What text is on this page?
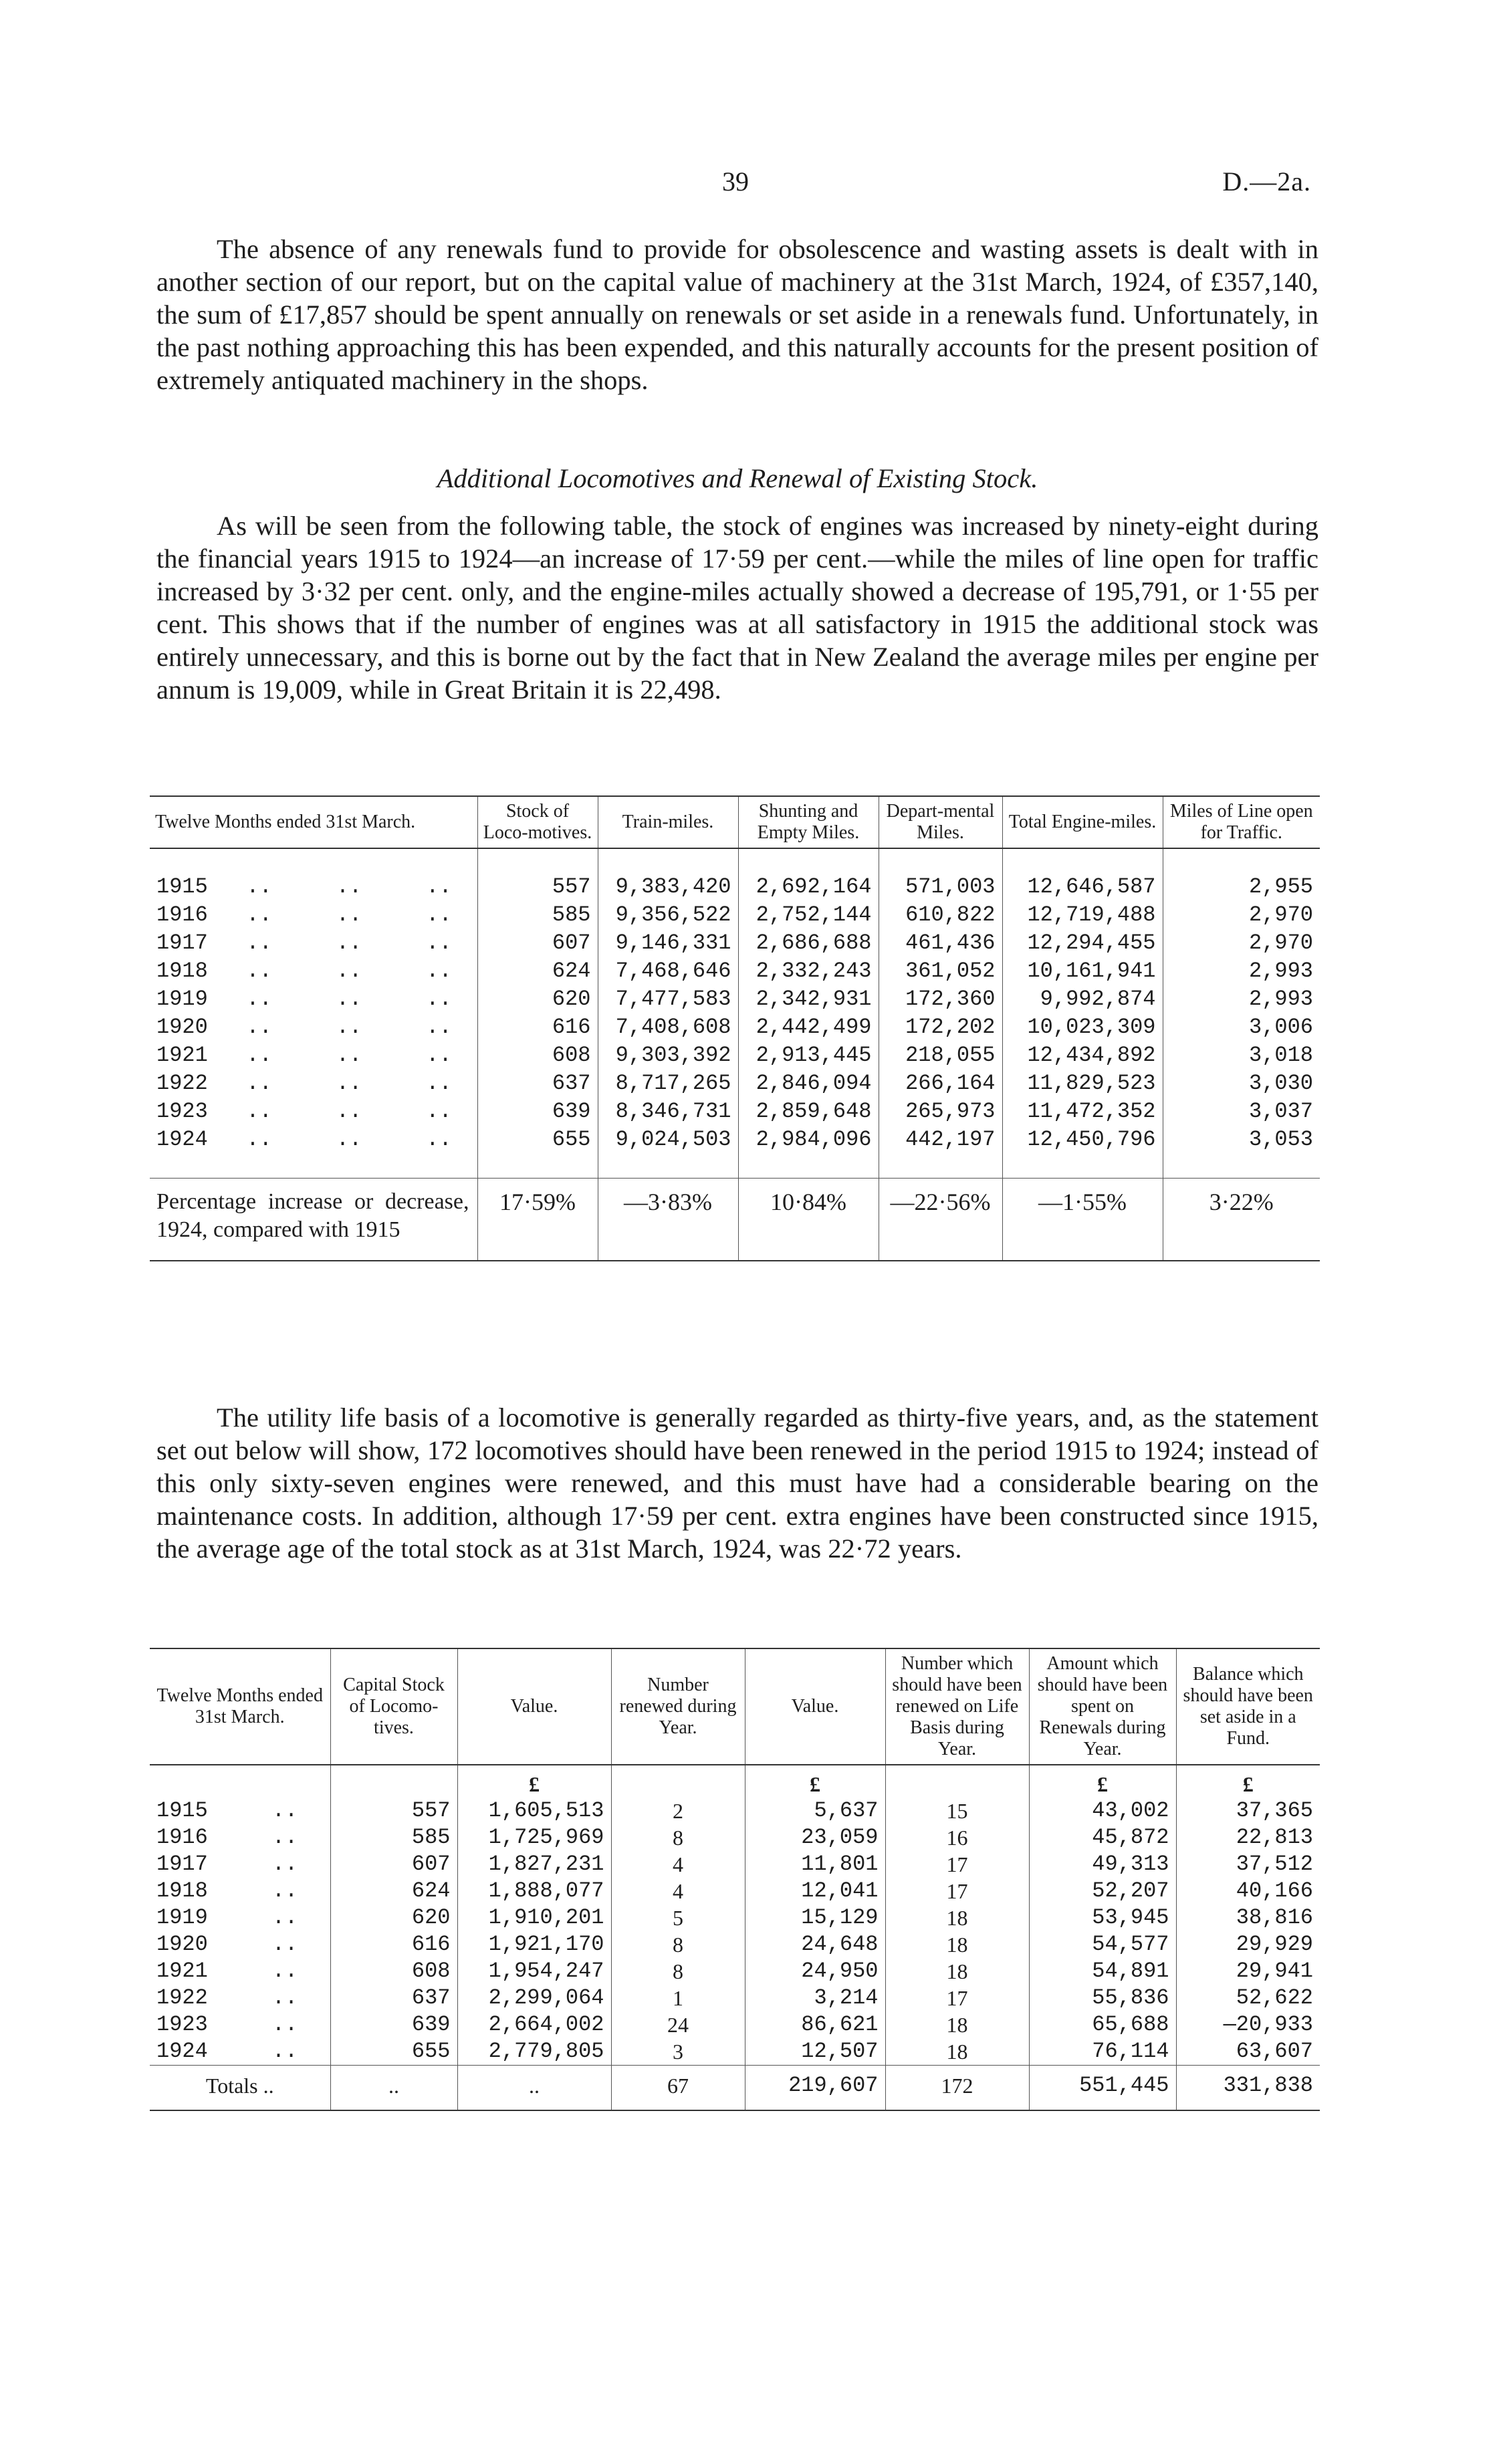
39	D.—2a.
The absence of any renewals fund to provide for obsolescence and wasting assets is dealt with in another section of our report, but on the capital value of machinery at the 31st March, 1924, of £357,140, the sum of £17,857 should be spent annually on renewals or set aside in a renewals fund. Unfortunately, in the past nothing approaching this has been expended, and this naturally accounts for the present position of extremely antiquated machinery in the shops.
Additional Locomotives and Renewal of Existing Stock.
As will be seen from the following table, the stock of engines was increased by ninety-eight during the financial years 1915 to 1924—an increase of 17·59 per cent.—while the miles of line open for traffic increased by 3·32 per cent. only, and the engine-miles actually showed a decrease of 195,791, or 1·55 per cent. This shows that if the number of engines was at all satisfactory in 1915 the additional stock was entirely unnecessary, and this is borne out by the fact that in New Zealand the average miles per engine per annum is 19,009, while in Great Britain it is 22,498.
Twelve Months ended 31st March.	Stock of Loco-motives.	Train-miles.	Shunting and Empty Miles.	Depart-mental Miles.	Total Engine-miles.	Miles of Line open for Traffic.

1915   ..     ..     ..	557	9,383,420	2,692,164	571,003	12,646,587	2,955
1916   ..     ..     ..	585	9,356,522	2,752,144	610,822	12,719,488	2,970
1917   ..     ..     ..	607	9,146,331	2,686,688	461,436	12,294,455	2,970
1918   ..     ..     ..	624	7,468,646	2,332,243	361,052	10,161,941	2,993
1919   ..     ..     ..	620	7,477,583	2,342,931	172,360	9,992,874	2,993
1920   ..     ..     ..	616	7,408,608	2,442,499	172,202	10,023,309	3,006
1921   ..     ..     ..	608	9,303,392	2,913,445	218,055	12,434,892	3,018
1922   ..     ..     ..	637	8,717,265	2,846,094	266,164	11,829,523	3,030
1923   ..     ..     ..	639	8,346,731	2,859,648	265,973	11,472,352	3,037
1924   ..     ..     ..	655	9,024,503	2,984,096	442,197	12,450,796	3,053

Percentage increase or decrease, 1924, compared with 1915	17·59%	—3·83%	10·84%	—22·56%	—1·55%	3·22%

The utility life basis of a locomotive is generally regarded as thirty-five years, and, as the statement set out below will show, 172 locomotives should have been renewed in the period 1915 to 1924; instead of this only sixty-seven engines were renewed, and this must have had a considerable bearing on the maintenance costs. In addition, although 17·59 per cent. extra engines have been constructed since 1915, the average age of the total stock as at 31st March, 1924, was 22·72 years.
Twelve Months ended 31st March.	Capital Stock of Locomo-tives.	Value.	Number renewed during Year.	Value.	Number which should have been renewed on Life Basis during Year.	Amount which should have been spent on Renewals during Year.	Balance which should have been set aside in a Fund.
		£		£		£	£
1915     ..	557	1,605,513	2	5,637	15	43,002	37,365
1916     ..	585	1,725,969	8	23,059	16	45,872	22,813
1917     ..	607	1,827,231	4	11,801	17	49,313	37,512
1918     ..	624	1,888,077	4	12,041	17	52,207	40,166
1919     ..	620	1,910,201	5	15,129	18	53,945	38,816
1920     ..	616	1,921,170	8	24,648	18	54,577	29,929
1921     ..	608	1,954,247	8	24,950	18	54,891	29,941
1922     ..	637	2,299,064	1	3,214	17	55,836	52,622
1923     ..	639	2,664,002	24	86,621	18	65,688	—20,933
1924     ..	655	2,779,805	3	12,507	18	76,114	63,607
Totals ..	..	..	67	219,607	172	551,445	331,838
